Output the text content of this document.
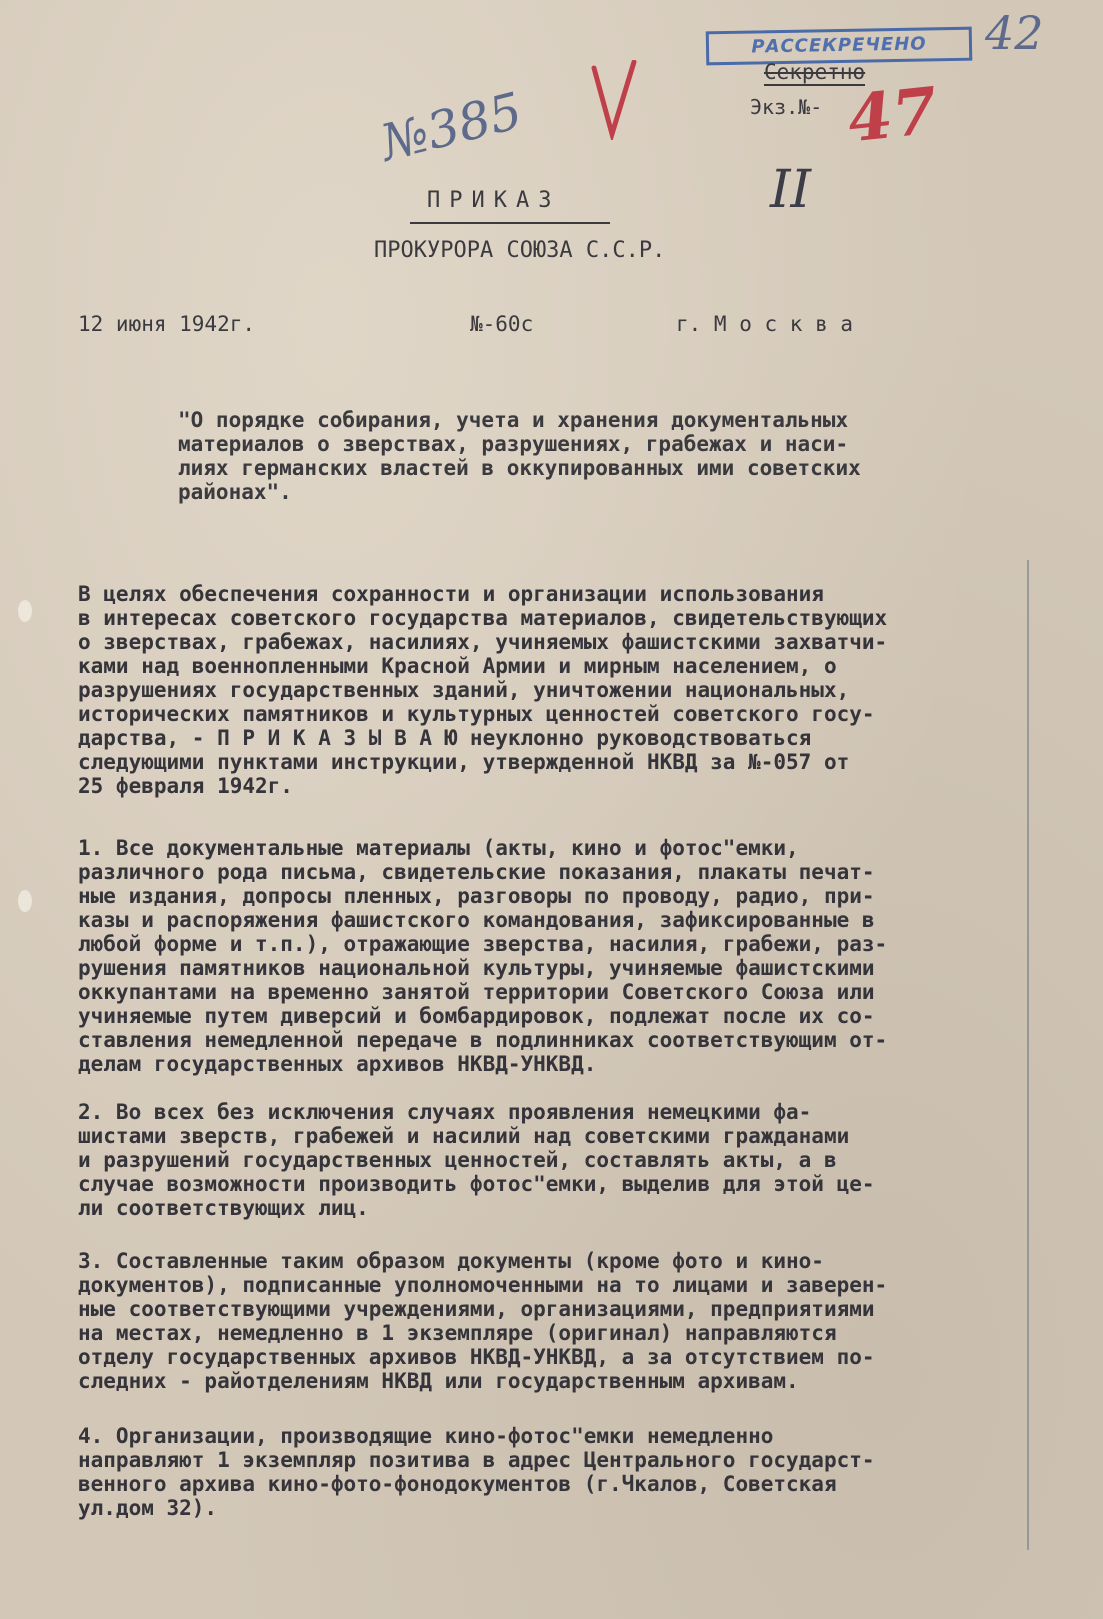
РАССЕКРЕЧЕНО
Секретно
Экз.№- 47
42
№385
II
ПРИКАЗ
ПРОКУРОРА СОЮЗА С.С.Р.
12 июня 1942г.	№-60с	г. М о с к в а
"О порядке собирания, учета и хранения документальных
материалов о зверствах, разрушениях, грабежах и наси-
лиях германских властей в оккупированных ими советских
районах".
В целях обеспечения сохранности и организации использования
в интересах советского государства материалов, свидетельствующих
о зверствах, грабежах, насилиях, учиняемых фашистскими захватчи-
ками над военнопленными Красной Армии и мирным населением, о
разрушениях государственных зданий, уничтожении национальных,
исторических памятников и культурных ценностей советского госу-
дарства, - П Р И К А З Ы В А Ю неуклонно руководствоваться
следующими пунктами инструкции, утвержденной НКВД за №-057 от
25 февраля 1942г.
1. Все документальные материалы (акты, кино и фотос"емки,
различного рода письма, свидетельские показания, плакаты печат-
ные издания, допросы пленных, разговоры по проводу, радио, при-
казы и распоряжения фашистского командования, зафиксированные в
любой форме и т.п.), отражающие зверства, насилия, грабежи, раз-
рушения памятников национальной культуры, учиняемые фашистскими
оккупантами на временно занятой территории Советского Союза или
учиняемые путем диверсий и бомбардировок, подлежат после их со-
ставления немедленной передаче в подлинниках соответствующим от-
делам государственных архивов НКВД-УНКВД.
2. Во всех без исключения случаях проявления немецкими фа-
шистами зверств, грабежей и насилий над советскими гражданами
и разрушений государственных ценностей, составлять акты, а в
случае возможности производить фотос"емки, выделив для этой це-
ли соответствующих лиц.
3. Составленные таким образом документы (кроме фото и кино-
документов), подписанные уполномоченными на то лицами и заверен-
ные соответствующими учреждениями, организациями, предприятиями
на местах, немедленно в 1 экземпляре (оригинал) направляются
отделу государственных архивов НКВД-УНКВД, а за отсутствием по-
следних - райотделениям НКВД или государственным архивам.
4. Организации, производящие кино-фотос"емки немедленно
направляют 1 экземпляр позитива в адрес Центрального государст-
венного архива кино-фото-фонодокументов (г.Чкалов, Советская
ул.дом 32).
